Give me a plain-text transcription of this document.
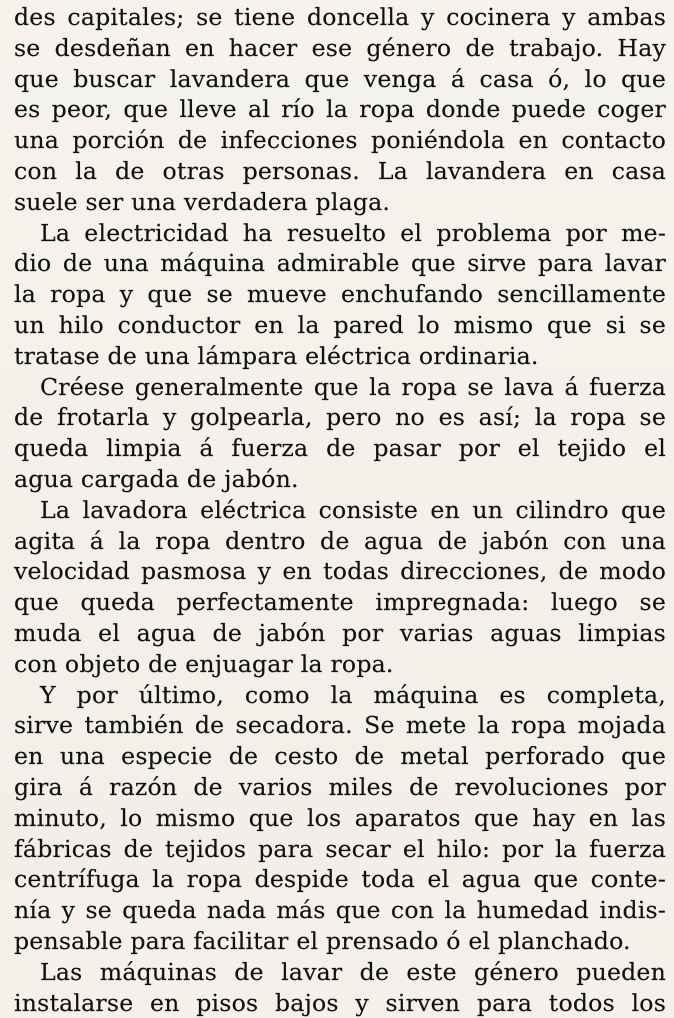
des capitales; se tiene doncella y cocinera y ambas
se desdeñan en hacer ese género de trabajo. Hay
que buscar lavandera que venga á casa ó, lo que
es peor, que lleve al río la ropa donde puede coger
una porción de infecciones poniéndola en contacto
con la de otras personas. La lavandera en casa
suele ser una verdadera plaga.
La electricidad ha resuelto el problema por me-
dio de una máquina admirable que sirve para lavar
la ropa y que se mueve enchufando sencillamente
un hilo conductor en la pared lo mismo que si se
tratase de una lámpara eléctrica ordinaria.
Créese generalmente que la ropa se lava á fuerza
de frotarla y golpearla, pero no es así; la ropa se
queda limpia á fuerza de pasar por el tejido el
agua cargada de jabón.
La lavadora eléctrica consiste en un cilindro que
agita á la ropa dentro de agua de jabón con una
velocidad pasmosa y en todas direcciones, de modo
que queda perfectamente impregnada: luego se
muda el agua de jabón por varias aguas limpias
con objeto de enjuagar la ropa.
Y por último, como la máquina es completa,
sirve también de secadora. Se mete la ropa mojada
en una especie de cesto de metal perforado que
gira á razón de varios miles de revoluciones por
minuto, lo mismo que los aparatos que hay en las
fábricas de tejidos para secar el hilo: por la fuerza
centrífuga la ropa despide toda el agua que conte-
nía y se queda nada más que con la humedad indis-
pensable para facilitar el prensado ó el planchado.
Las máquinas de lavar de este género pueden
instalarse en pisos bajos y sirven para todos los
